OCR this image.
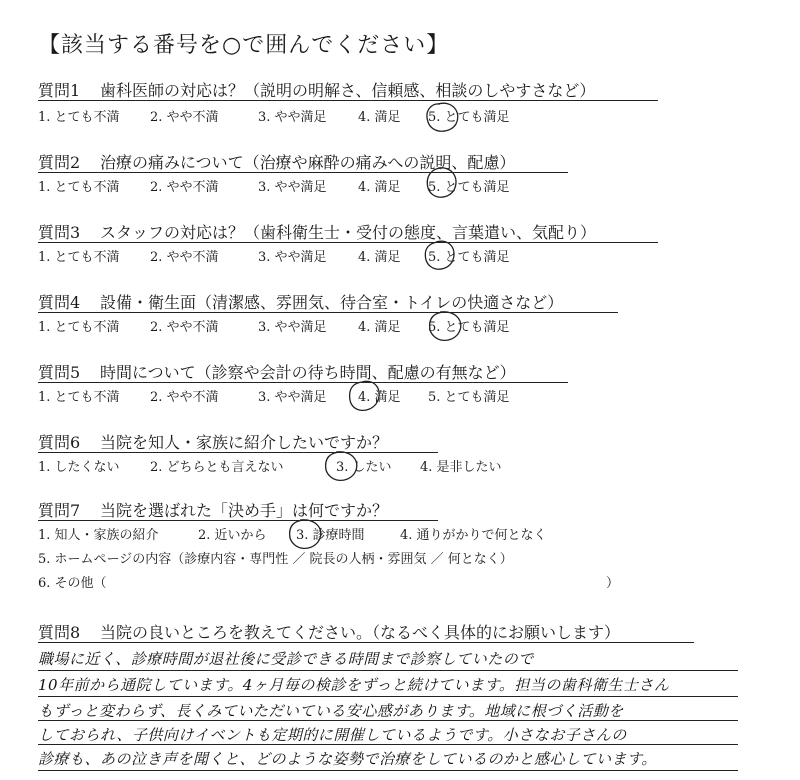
【該当する番号を○で囲んでください】
質問1 歯科医師の対応は？（説明の明解さ、信頼感、相談のしやすさなど）
1. とても不満 2. やや不満	3. やや満足 4. 満足 5. とても満足
質問2 治療の痛みについて（治療や麻酔の痛みへの説明、配慮）
1. とても不満 2. やや不満	3. やや満足 4. 満足 5. とても満足
質問3 スタッフの対応は？（歯科衛生士・受付の態度、言葉遣い、気配り）
1. とても不満 2. やや不満	3. やや満足 4. 満足 5. とても満足
質問4 設備・衛生面（清潔感、雰囲気、待合室・トイレの快適さなど）
1. とても不満 2. やや不満	3. やや満足 4. 満足 5. とても満足
質問5 時間について（診察や会計の待ち時間、配慮の有無など）
1. とても不満 2. やや不満	3. やや満足 4. 満足 5. とても満足
質問6 当院を知人・家族に紹介したいですか？
1. したくない 2. どちらとも言えない	3. したい 4. 是非したい
質問7 当院を選ばれた「決め手」は何ですか？
1. 知人・家族の紹介	2. 近いから 3. 診療時間	4. 通りがかりで何となく
5. ホームページの内容（診療内容・専門性 ／ 院長の人柄・雰囲気 ／ 何となく）
6. その他（	）
質問8 当院の良いところを教えてください。（なるべく具体的にお願いします）
職場に近く、診療時間が退社後に受診できる時間まで診察していたので
10年前から通院しています。4ヶ月毎の検診をずっと続けています。担当の歯科衛生士さん
もずっと変わらず、長くみていただいている安心感があります。地域に根づく活動を
しておられ、子供向けイベントも定期的に開催しているようです。小さなお子さんの
診療も、あの泣き声を聞くと、どのような姿勢で治療をしているのかと感心しています。
